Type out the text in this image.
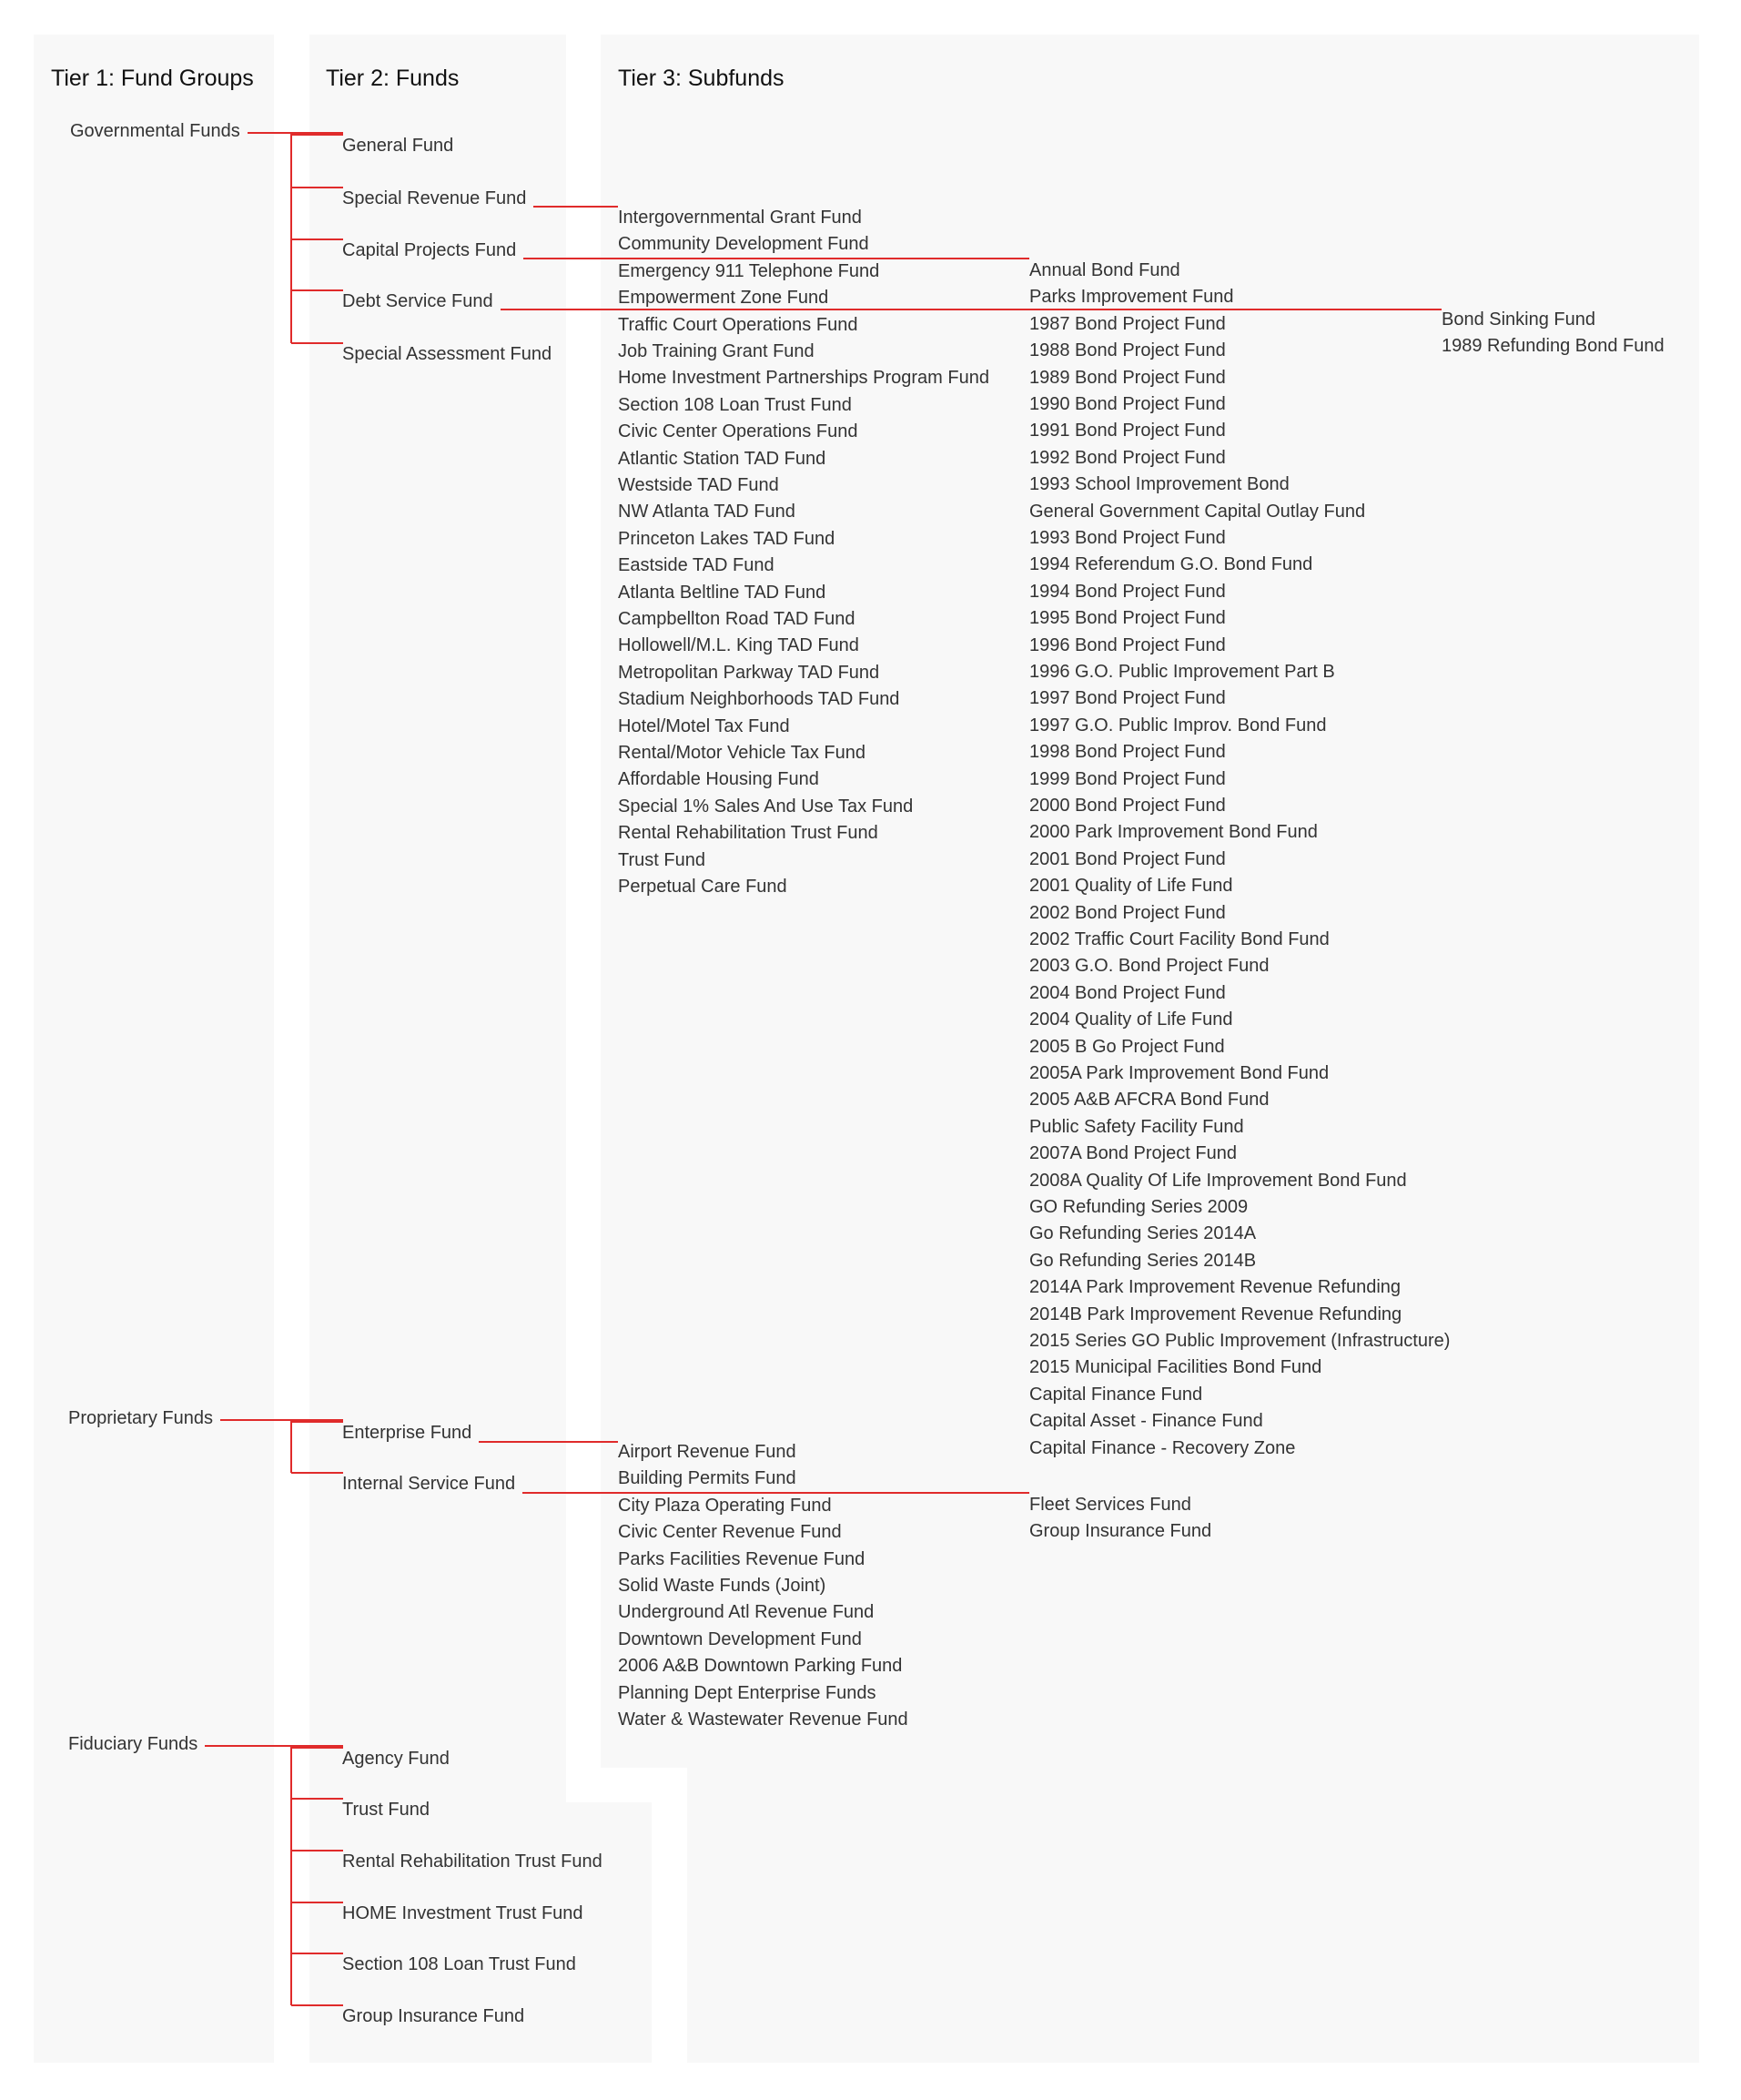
Tier 1: Fund Groups	Tier 2: Funds	Tier 3: Subfunds
Governmental Funds
General Fund
Special Revenue Fund
Intergovernmental Grant Fund
Community Development Fund
Emergency 911 Telephone Fund
Empowerment Zone Fund
Traffic Court Operations Fund
Job Training Grant Fund
Home Investment Partnerships Program Fund
Section 108 Loan Trust Fund
Civic Center Operations Fund
Atlantic Station TAD Fund
Westside TAD Fund
NW Atlanta TAD Fund
Princeton Lakes TAD Fund
Eastside TAD Fund
Atlanta Beltline TAD Fund
Campbellton Road TAD Fund
Hollowell/M.L. King TAD Fund
Metropolitan Parkway TAD Fund
Stadium Neighborhoods TAD Fund
Hotel/Motel Tax Fund
Rental/Motor Vehicle Tax Fund
Affordable Housing Fund
Special 1% Sales And Use Tax Fund
Rental Rehabilitation Trust Fund
Trust Fund
Perpetual Care Fund
Capital Projects Fund
Annual Bond Fund
Parks Improvement Fund
1987 Bond Project Fund
1988 Bond Project Fund
1989 Bond Project Fund
1990 Bond Project Fund
1991 Bond Project Fund
1992 Bond Project Fund
1993 School Improvement Bond
General Government Capital Outlay Fund
1993 Bond Project Fund
1994 Referendum G.O. Bond Fund
1994 Bond Project Fund
1995 Bond Project Fund
1996 Bond Project Fund
1996 G.O. Public Improvement Part B
1997 Bond Project Fund
1997 G.O. Public Improv. Bond Fund
1998 Bond Project Fund
1999 Bond Project Fund
2000 Bond Project Fund
2000 Park Improvement Bond Fund
2001 Bond Project Fund
2001 Quality of Life Fund
2002 Bond Project Fund
2002 Traffic Court Facility Bond Fund
2003 G.O. Bond Project Fund
2004 Bond Project Fund
2004 Quality of Life Fund
2005 B Go Project Fund
2005A Park Improvement Bond Fund
2005 A&B AFCRA Bond Fund
Public Safety Facility Fund
2007A Bond Project Fund
2008A Quality Of Life Improvement Bond Fund
GO Refunding Series 2009
Go Refunding Series 2014A
Go Refunding Series 2014B
2014A Park Improvement Revenue Refunding
2014B Park Improvement Revenue Refunding
2015 Series GO Public Improvement (Infrastructure)
2015 Municipal Facilities Bond Fund
Capital Finance Fund
Capital Asset - Finance Fund
Capital Finance - Recovery Zone
Debt Service Fund
Bond Sinking Fund
1989 Refunding Bond Fund
Special Assessment Fund
Proprietary Funds
Enterprise Fund
Airport Revenue Fund
Building Permits Fund
City Plaza Operating Fund
Civic Center Revenue Fund
Parks Facilities Revenue Fund
Solid Waste Funds (Joint)
Underground Atl Revenue Fund
Downtown Development Fund
2006 A&B Downtown Parking Fund
Planning Dept Enterprise Funds
Water & Wastewater Revenue Fund
Internal Service Fund
Fleet Services Fund
Group Insurance Fund
Fiduciary Funds
Agency Fund
Trust Fund
Rental Rehabilitation Trust Fund
HOME Investment Trust Fund
Section 108 Loan Trust Fund
Group Insurance Fund
